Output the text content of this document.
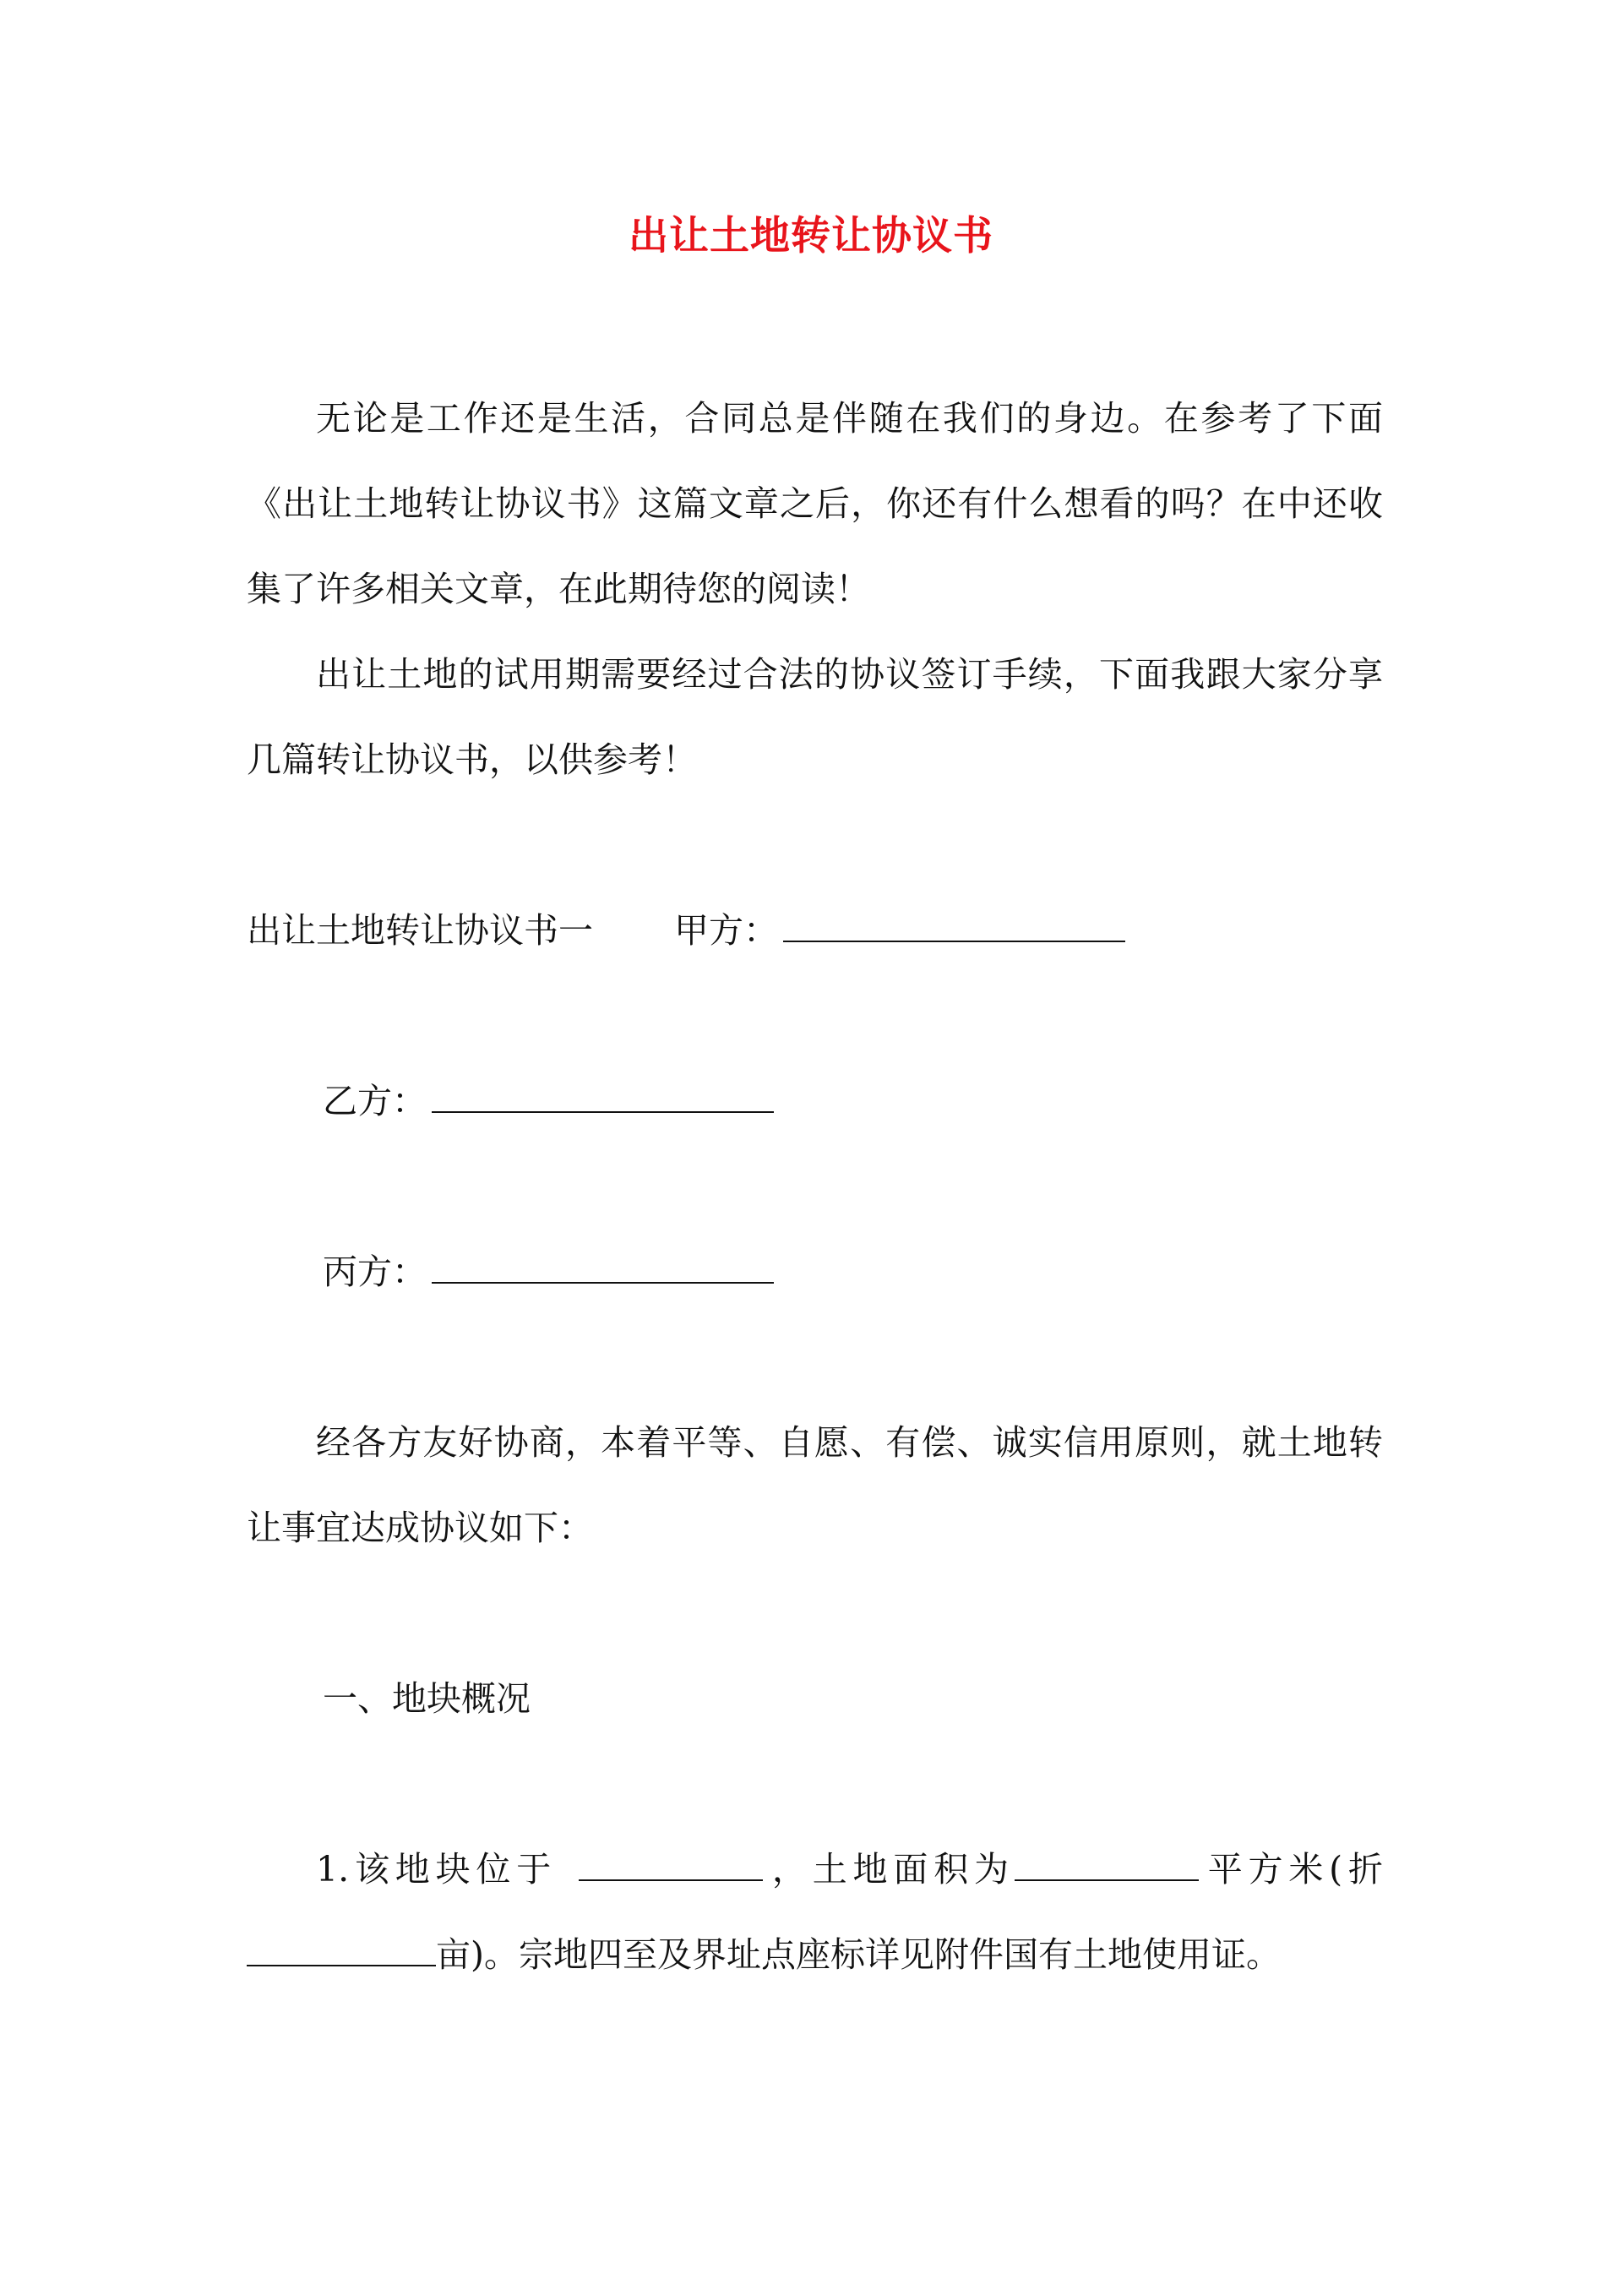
出让土地转让协议书

无论是工作还是生活，合同总是伴随在我们的身边。在参考了下面《出让土地转让协议书》这篇文章之后，你还有什么想看的吗？在中还收集了许多相关文章，在此期待您的阅读！

出让土地的试用期需要经过合法的协议签订手续，下面我跟大家分享几篇转让协议书，以供参考！

出让土地转让协议书一 甲方：
乙方：
丙方：

经各方友好协商，本着平等、自愿、有偿、诚实信用原则，就土地转让事宜达成协议如下：

一、地块概况

1.该地块位于	，土地面积为	平方米(折亩)。宗地四至及界址点座标详见附件国有土地使用证。
